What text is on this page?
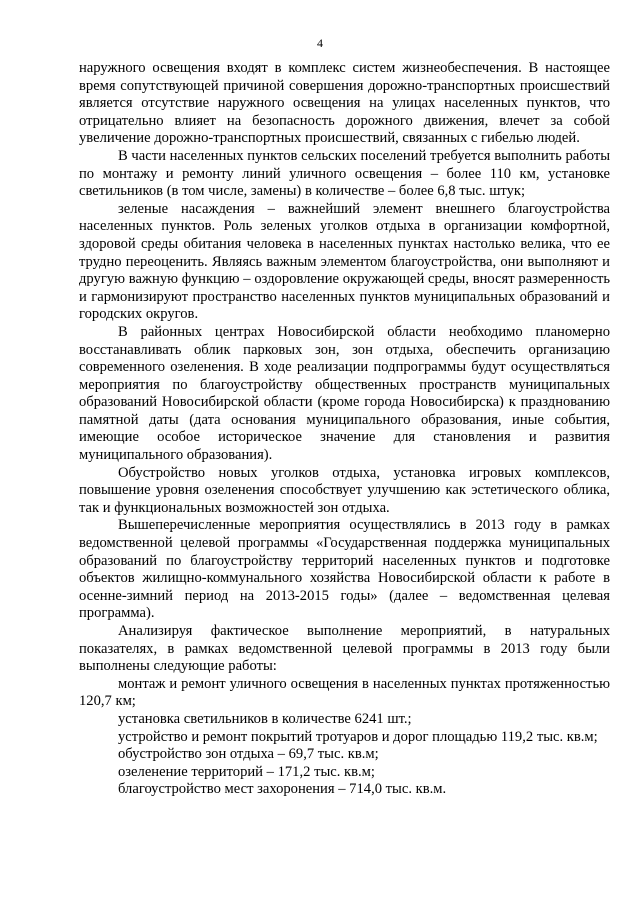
4

наружного освещения входят в комплекс систем жизнеобеспечения. В настоящее время сопутствующей причиной совершения дорожно-транспортных происшествий является отсутствие наружного освещения на улицах населенных пунктов, что отрицательно влияет на безопасность дорожного движения, влечет за собой увеличение дорожно-транспортных происшествий, связанных с гибелью людей.

В части населенных пунктов сельских поселений требуется выполнить работы по монтажу и ремонту линий уличного освещения – более 110 км, установке светильников (в том числе, замены) в количестве – более 6,8 тыс. штук;

зеленые насаждения – важнейший элемент внешнего благоустройства населенных пунктов. Роль зеленых уголков отдыха в организации комфортной, здоровой среды обитания человека в населенных пунктах настолько велика, что ее трудно переоценить. Являясь важным элементом благоустройства, они выполняют и другую важную функцию – оздоровление окружающей среды, вносят размеренность и гармонизируют пространство населенных пунктов муниципальных образований и городских округов.

В районных центрах Новосибирской области необходимо планомерно восстанавливать облик парковых зон, зон отдыха, обеспечить организацию современного озеленения. В ходе реализации подпрограммы будут осуществляться мероприятия по благоустройству общественных пространств муниципальных образований Новосибирской области (кроме города Новосибирска) к празднованию памятной даты (дата основания муниципального образования, иные события, имеющие особое историческое значение для становления и развития муниципального образования).

Обустройство новых уголков отдыха, установка игровых комплексов, повышение уровня озеленения способствует улучшению как эстетического облика, так и функциональных возможностей зон отдыха.

Вышеперечисленные мероприятия осуществлялись в 2013 году в рамках ведомственной целевой программы «Государственная поддержка муниципальных образований по благоустройству территорий населенных пунктов и подготовке объектов жилищно-коммунального хозяйства Новосибирской области к работе в осенне-зимний период на 2013-2015 годы» (далее – ведомственная целевая программа).

Анализируя фактическое выполнение мероприятий, в натуральных показателях, в рамках ведомственной целевой программы в 2013 году были выполнены следующие работы:

монтаж и ремонт уличного освещения в населенных пунктах протяженностью 120,7 км;

установка светильников в количестве 6241 шт.;

устройство и ремонт покрытий тротуаров и дорог площадью 119,2 тыс. кв.м;

обустройство зон отдыха – 69,7 тыс. кв.м;

озеленение территорий – 171,2 тыс. кв.м;

благоустройство мест захоронения – 714,0 тыс. кв.м.
